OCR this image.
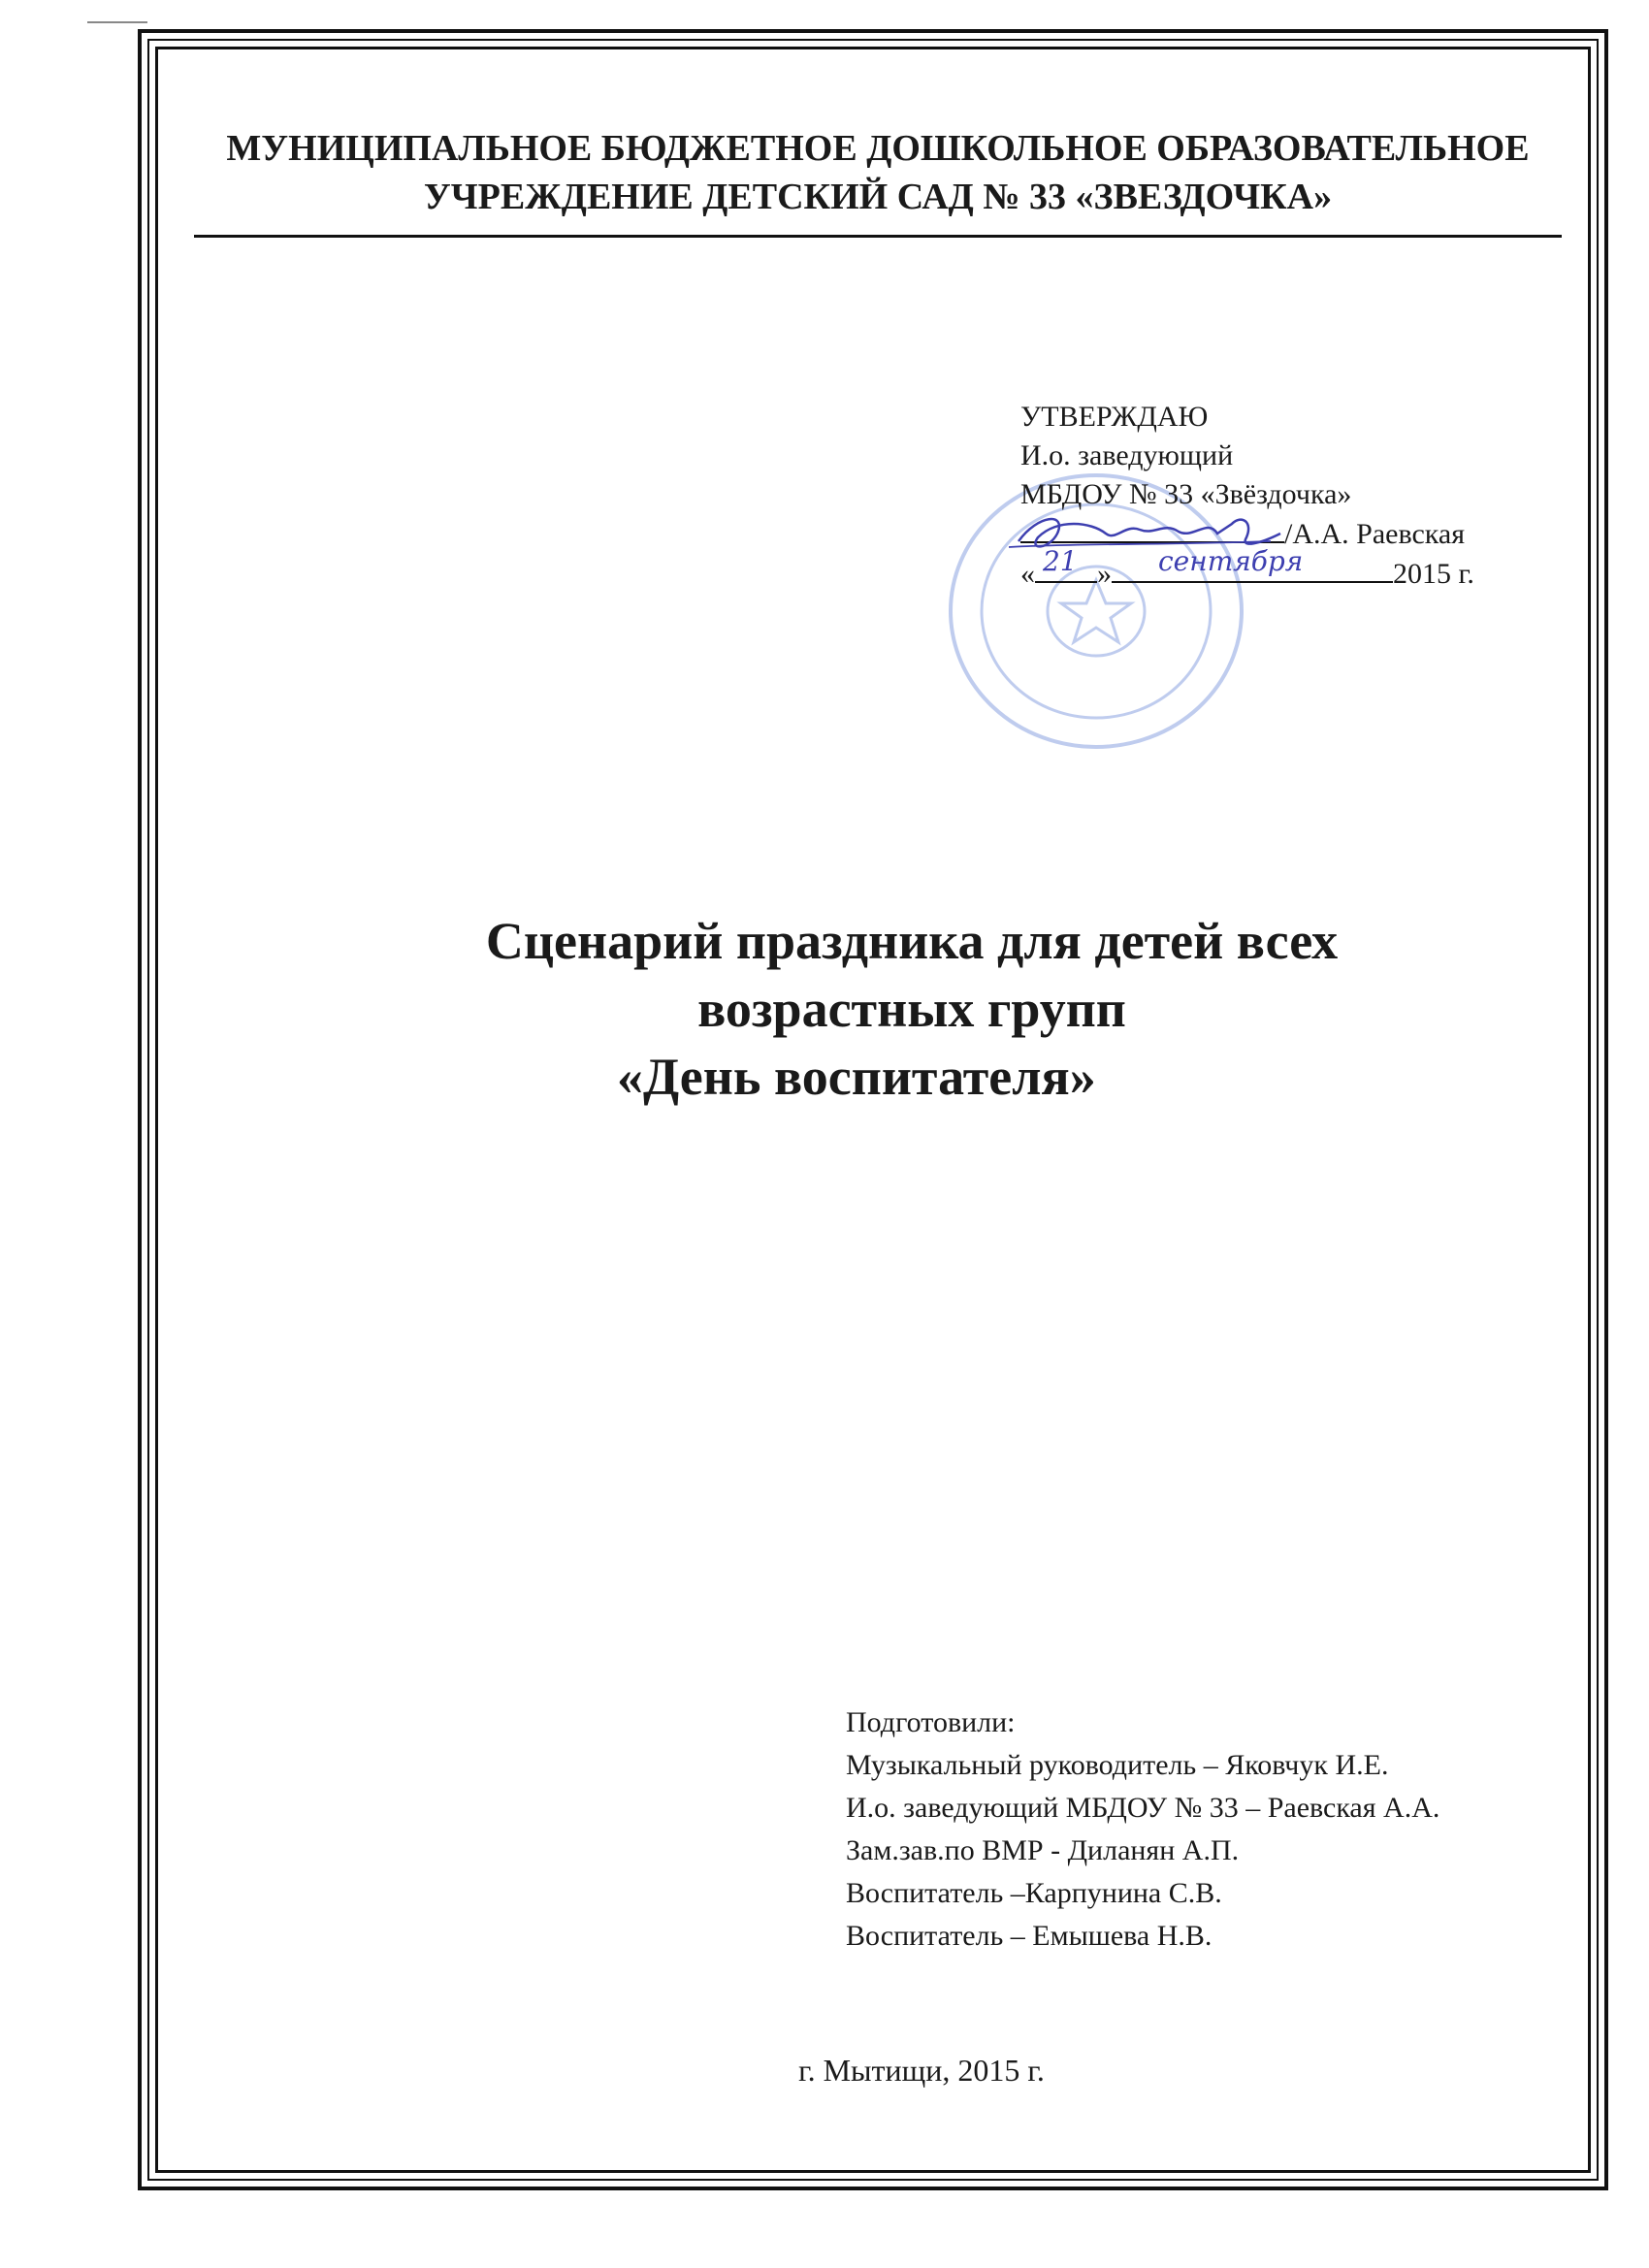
МУНИЦИПАЛЬНОЕ БЮДЖЕТНОЕ ДОШКОЛЬНОЕ ОБРАЗОВАТЕЛЬНОЕ
УЧРЕЖДЕНИЕ ДЕТСКИЙ САД № 33 «ЗВЕЗДОЧКА»
УТВЕРЖДАЮ
И.о. заведующий
МБДОУ № 33 «Звёздочка»
/А.А. Раевская
« 21 » сентября	2015 г.
Сценарий праздника для детей всех
возрастных групп
«День воспитателя»
Подготовили:
Музыкальный руководитель – Яковчук И.Е.
И.о. заведующий МБДОУ № 33 – Раевская А.А.
Зам.зав.по ВМР - Диланян А.П.
Воспитатель –Карпунина С.В.
Воспитатель – Емышева Н.В.
г. Мытищи, 2015 г.
